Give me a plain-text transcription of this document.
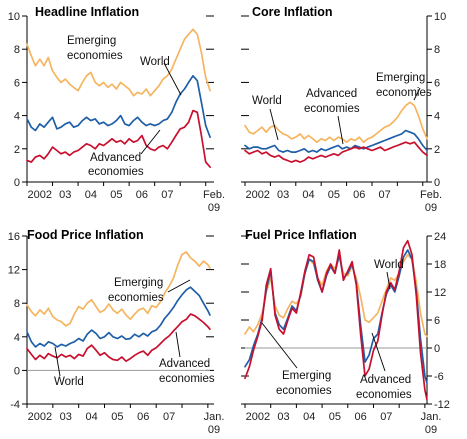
Headline Inflation
0
2
4
6
8
10
2002 03 04 05 06 07	Feb.
09
Emerging
economies World
Advanced
economies
Core Inflation
0
2
4
6
8
10
2002 03 04 05 06 07	Feb.
09
World
Advanced
economies
Emerging
economies
Food Price Inflation
-4
0
4
8
12
16
2002 03 04 05 06 07	Jan.
09
Emerging
economies
World
Advanced
economies
Fuel Price Inflation
-12
-6
0
6
12
18
24
2002 03 04 05 06 07	Jan.
09
World
Emerging
economies
Advanced
economies
